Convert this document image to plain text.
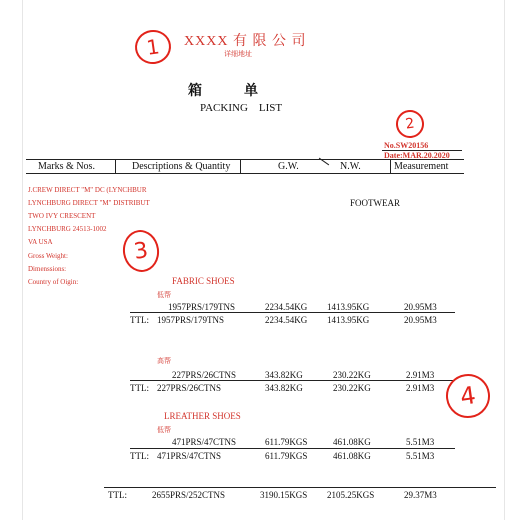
XXXX 有 限 公 司
详细地址
箱　　　单
PACKING　LIST
No.SW20156
Date:MAR.20.2020
Marks & Nos.	Descriptions & Quantity	G.W.	N.W.	Measurement
J.CREW DIRECT "M" DC (LYNCHBUR
LYNCHBURG DIRECT "M" DISTRIBUT
TWO IVY CRESCENT
LYNCHBURG 24513-1002
VA USA
Gross Weight:
Dimenssions:
Country of Oigin:
FOOTWEAR
FABRIC SHOES
低帮
1957PRS/179TNS	2234.54KG 1413.95KG	20.95M3
TTL: 1957PRS/179TNS	2234.54KG 1413.95KG	20.95M3
高帮
227PRS/26CTNS	343.82KG	230.22KG	2.91M3
TTL: 227PRS/26CTNS	343.82KG	230.22KG	2.91M3
LREATHER SHOES
低帮
471PRS/47CTNS	611.79KGS	461.08KG	5.51M3
TTL: 471PRS/47CTNS	611.79KGS	461.08KG	5.51M3
TTL:	2655PRS/252CTNS	3190.15KGS 2105.25KGS	29.37M3
1
2
3
4
